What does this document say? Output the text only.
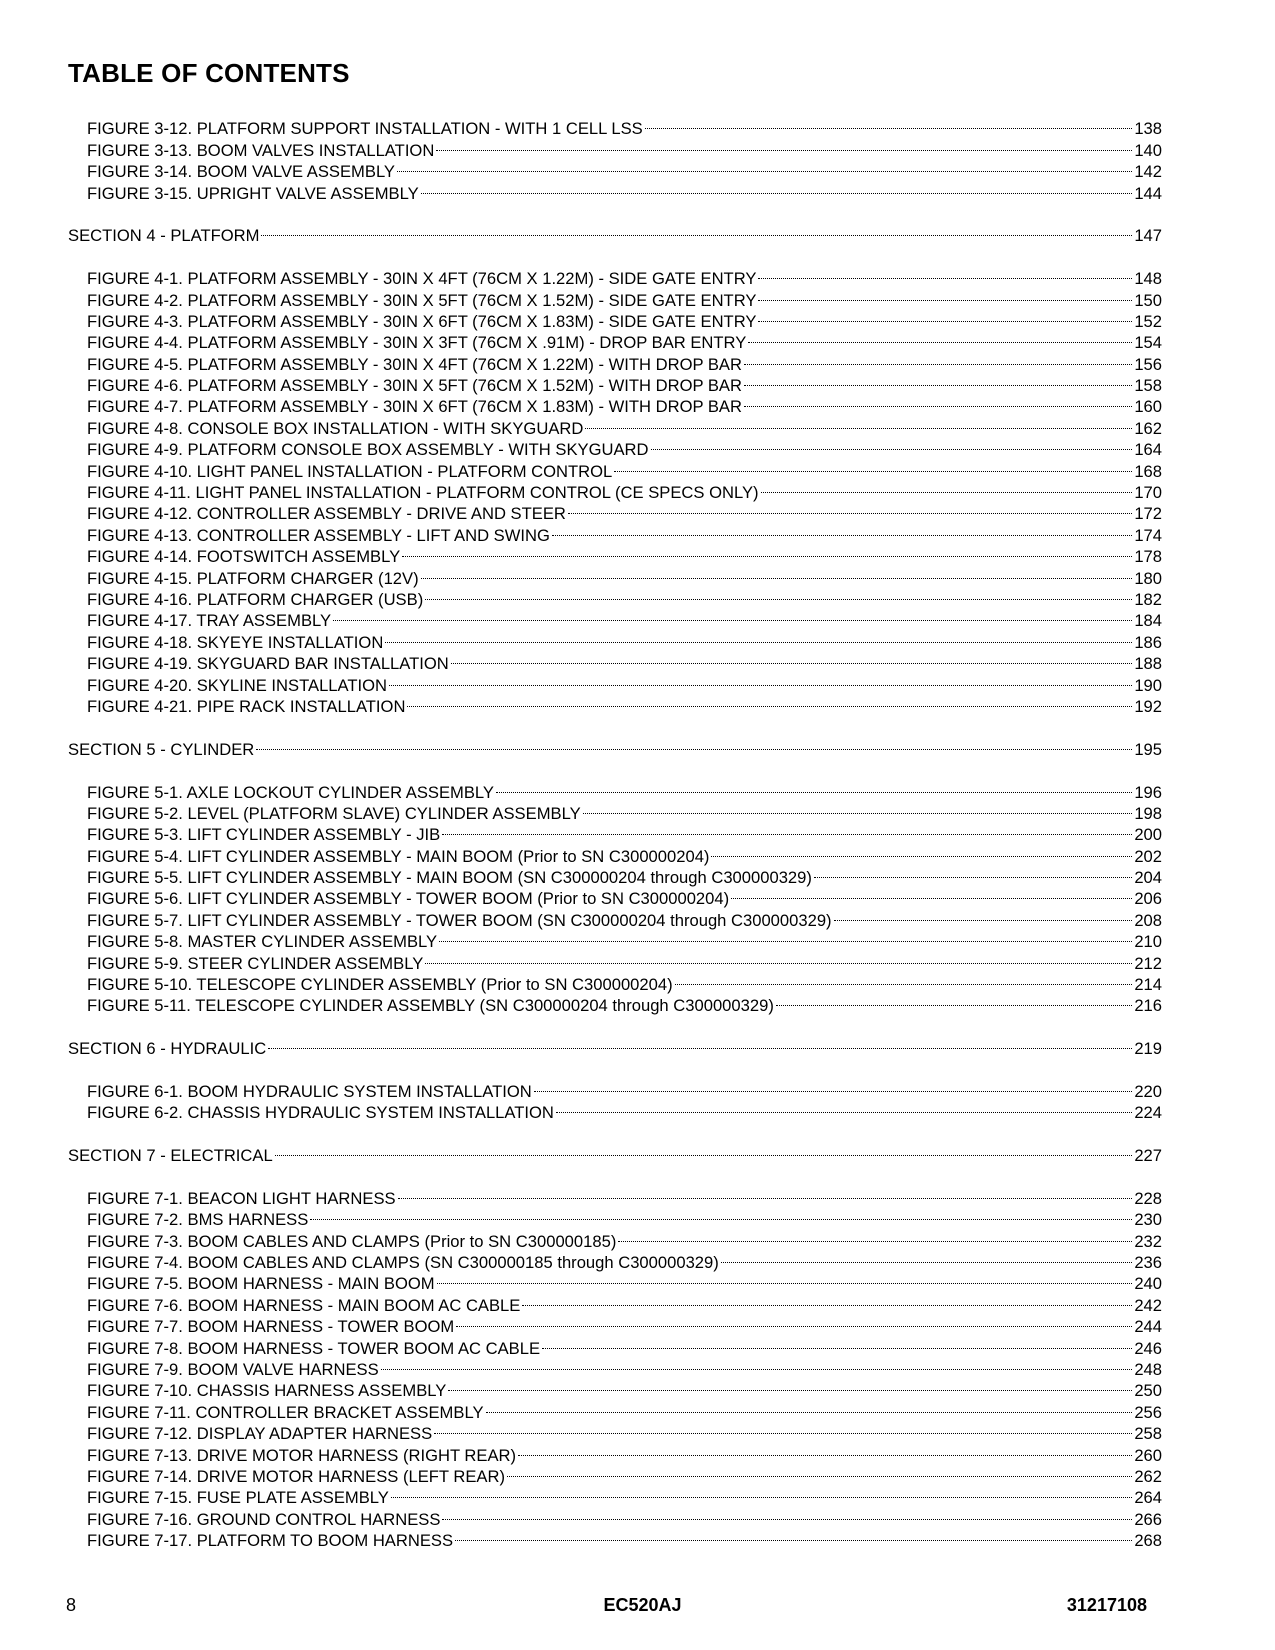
TABLE OF CONTENTS
FIGURE 3-12. PLATFORM SUPPORT INSTALLATION - WITH 1 CELL LSS	138
FIGURE 3-13. BOOM VALVES INSTALLATION	140
FIGURE 3-14. BOOM VALVE ASSEMBLY	142
FIGURE 3-15. UPRIGHT VALVE ASSEMBLY	144
SECTION 4 - PLATFORM	147
FIGURE 4-1. PLATFORM ASSEMBLY - 30IN X 4FT (76CM X 1.22M) - SIDE GATE ENTRY	148
FIGURE 4-2. PLATFORM ASSEMBLY - 30IN X 5FT (76CM X 1.52M) - SIDE GATE ENTRY	150
FIGURE 4-3. PLATFORM ASSEMBLY - 30IN X 6FT (76CM X 1.83M) - SIDE GATE ENTRY	152
FIGURE 4-4. PLATFORM ASSEMBLY - 30IN X 3FT (76CM X .91M) - DROP BAR ENTRY	154
FIGURE 4-5. PLATFORM ASSEMBLY - 30IN X 4FT (76CM X 1.22M) - WITH DROP BAR	156
FIGURE 4-6. PLATFORM ASSEMBLY - 30IN X 5FT (76CM X 1.52M) - WITH DROP BAR	158
FIGURE 4-7. PLATFORM ASSEMBLY - 30IN X 6FT (76CM X 1.83M) - WITH DROP BAR	160
FIGURE 4-8. CONSOLE BOX INSTALLATION - WITH SKYGUARD	162
FIGURE 4-9. PLATFORM CONSOLE BOX ASSEMBLY - WITH SKYGUARD	164
FIGURE 4-10. LIGHT PANEL INSTALLATION - PLATFORM CONTROL	168
FIGURE 4-11. LIGHT PANEL INSTALLATION - PLATFORM CONTROL (CE SPECS ONLY)	170
FIGURE 4-12. CONTROLLER ASSEMBLY - DRIVE AND STEER	172
FIGURE 4-13. CONTROLLER ASSEMBLY - LIFT AND SWING	174
FIGURE 4-14. FOOTSWITCH ASSEMBLY	178
FIGURE 4-15. PLATFORM CHARGER (12V)	180
FIGURE 4-16. PLATFORM CHARGER (USB)	182
FIGURE 4-17. TRAY ASSEMBLY	184
FIGURE 4-18. SKYEYE INSTALLATION	186
FIGURE 4-19. SKYGUARD BAR INSTALLATION	188
FIGURE 4-20. SKYLINE INSTALLATION	190
FIGURE 4-21. PIPE RACK INSTALLATION	192
SECTION 5 - CYLINDER	195
FIGURE 5-1. AXLE LOCKOUT CYLINDER ASSEMBLY	196
FIGURE 5-2. LEVEL (PLATFORM SLAVE) CYLINDER ASSEMBLY	198
FIGURE 5-3. LIFT CYLINDER ASSEMBLY - JIB	200
FIGURE 5-4. LIFT CYLINDER ASSEMBLY - MAIN BOOM (Prior to SN C300000204)	202
FIGURE 5-5. LIFT CYLINDER ASSEMBLY - MAIN BOOM (SN C300000204 through C300000329)	204
FIGURE 5-6. LIFT CYLINDER ASSEMBLY - TOWER BOOM (Prior to SN C300000204)	206
FIGURE 5-7. LIFT CYLINDER ASSEMBLY - TOWER BOOM (SN C300000204 through C300000329)	208
FIGURE 5-8. MASTER CYLINDER ASSEMBLY	210
FIGURE 5-9. STEER CYLINDER ASSEMBLY	212
FIGURE 5-10. TELESCOPE CYLINDER ASSEMBLY (Prior to SN C300000204)	214
FIGURE 5-11. TELESCOPE CYLINDER ASSEMBLY (SN C300000204 through C300000329)	216
SECTION 6 - HYDRAULIC	219
FIGURE 6-1. BOOM HYDRAULIC SYSTEM INSTALLATION	220
FIGURE 6-2. CHASSIS HYDRAULIC SYSTEM INSTALLATION	224
SECTION 7 - ELECTRICAL	227
FIGURE 7-1. BEACON LIGHT HARNESS	228
FIGURE 7-2. BMS HARNESS	230
FIGURE 7-3. BOOM CABLES AND CLAMPS (Prior to SN C300000185)	232
FIGURE 7-4. BOOM CABLES AND CLAMPS (SN C300000185 through C300000329)	236
FIGURE 7-5. BOOM HARNESS - MAIN BOOM	240
FIGURE 7-6. BOOM HARNESS - MAIN BOOM AC CABLE	242
FIGURE 7-7. BOOM HARNESS - TOWER BOOM	244
FIGURE 7-8. BOOM HARNESS - TOWER BOOM AC CABLE	246
FIGURE 7-9. BOOM VALVE HARNESS	248
FIGURE 7-10. CHASSIS HARNESS ASSEMBLY	250
FIGURE 7-11. CONTROLLER BRACKET ASSEMBLY	256
FIGURE 7-12. DISPLAY ADAPTER HARNESS	258
FIGURE 7-13. DRIVE MOTOR HARNESS (RIGHT REAR)	260
FIGURE 7-14. DRIVE MOTOR HARNESS (LEFT REAR)	262
FIGURE 7-15. FUSE PLATE ASSEMBLY	264
FIGURE 7-16. GROUND CONTROL HARNESS	266
FIGURE 7-17. PLATFORM TO BOOM HARNESS	268
8	EC520AJ	31217108
